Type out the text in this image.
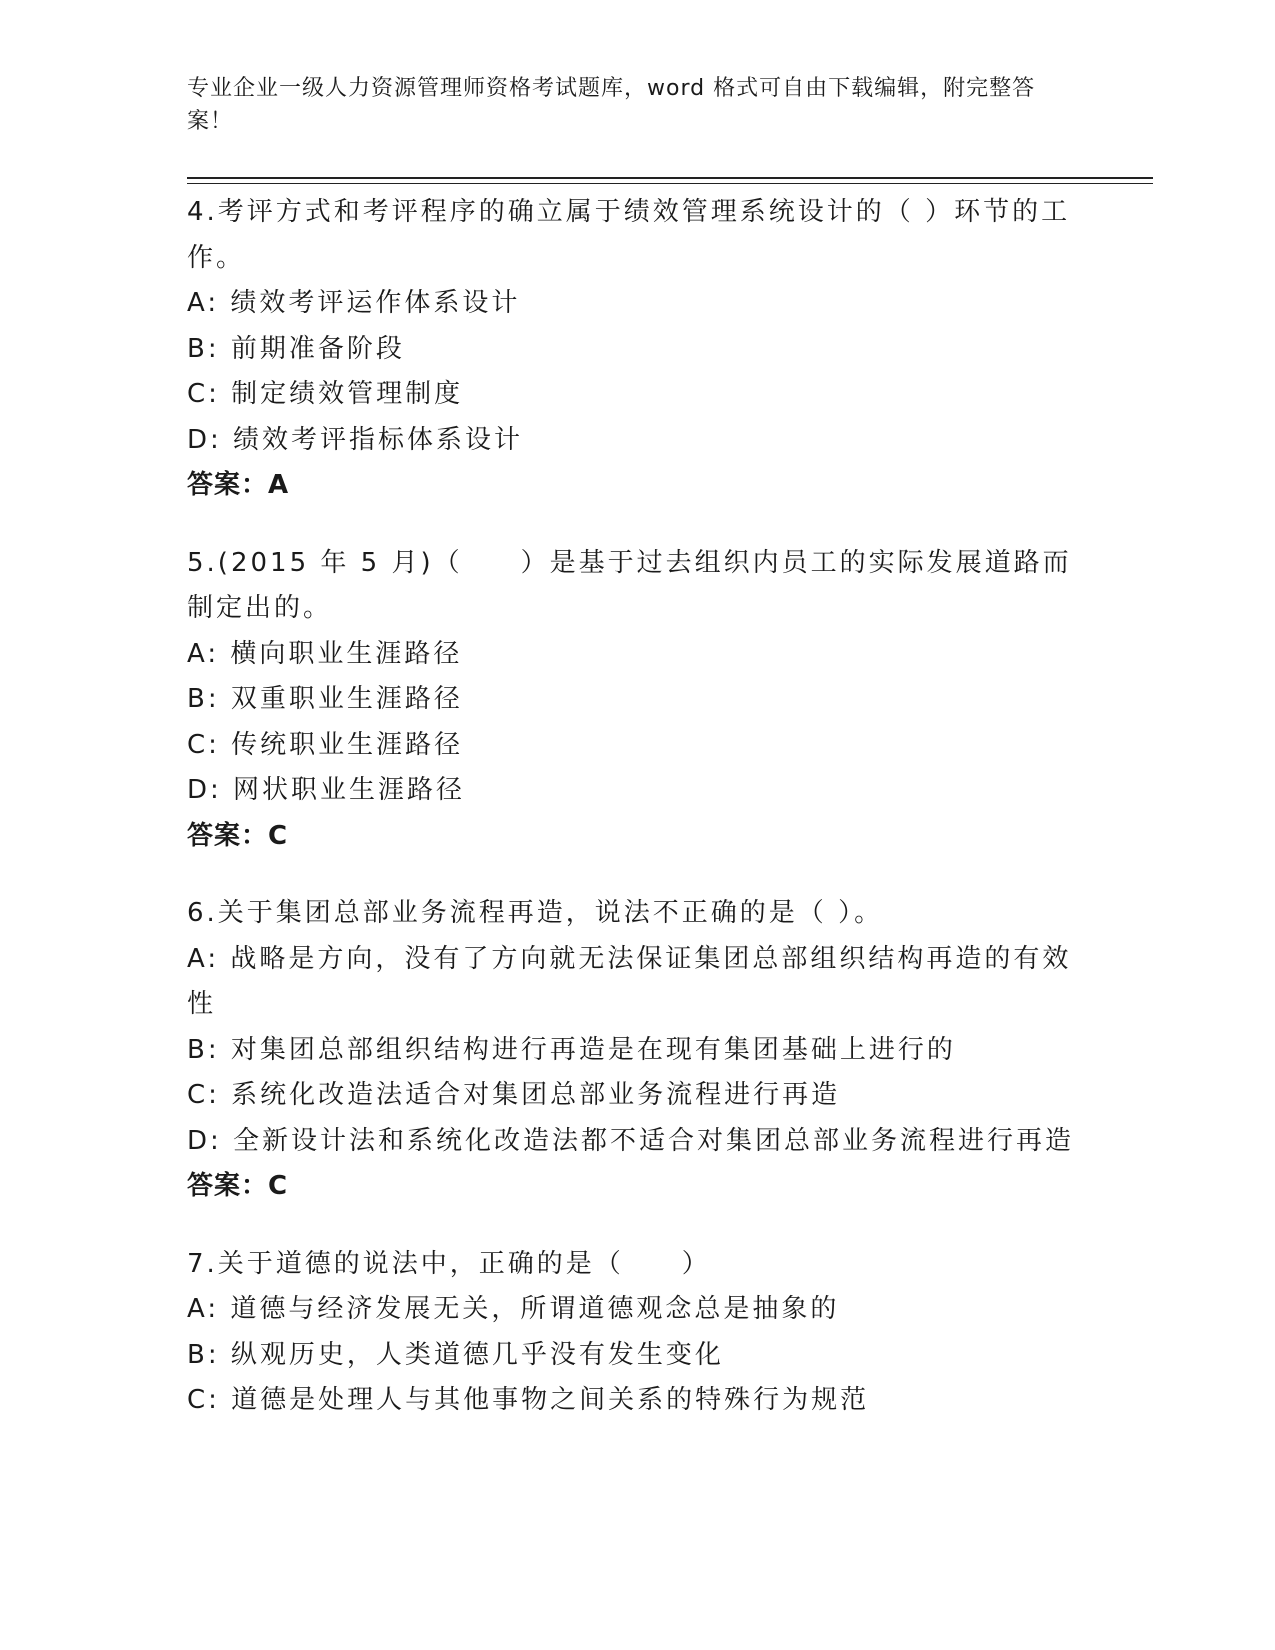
专业企业一级人力资源管理师资格考试题库，word 格式可自由下载编辑，附完整答案！
4.考评方式和考评程序的确立属于绩效管理系统设计的（ ）环节的工作。
A: 绩效考评运作体系设计
B: 前期准备阶段
C: 制定绩效管理制度
D: 绩效考评指标体系设计
答案：A
5.(2015 年 5 月)（　　）是基于过去组织内员工的实际发展道路而制定出的。
A: 横向职业生涯路径
B: 双重职业生涯路径
C: 传统职业生涯路径
D: 网状职业生涯路径
答案：C
6.关于集团总部业务流程再造，说法不正确的是（ ）。
A: 战略是方向，没有了方向就无法保证集团总部组织结构再造的有效性
B: 对集团总部组织结构进行再造是在现有集团基础上进行的
C: 系统化改造法适合对集团总部业务流程进行再造
D: 全新设计法和系统化改造法都不适合对集团总部业务流程进行再造
答案：C
7.关于道德的说法中，正确的是（　　）
A: 道德与经济发展无关，所谓道德观念总是抽象的
B: 纵观历史，人类道德几乎没有发生变化
C: 道德是处理人与其他事物之间关系的特殊行为规范
